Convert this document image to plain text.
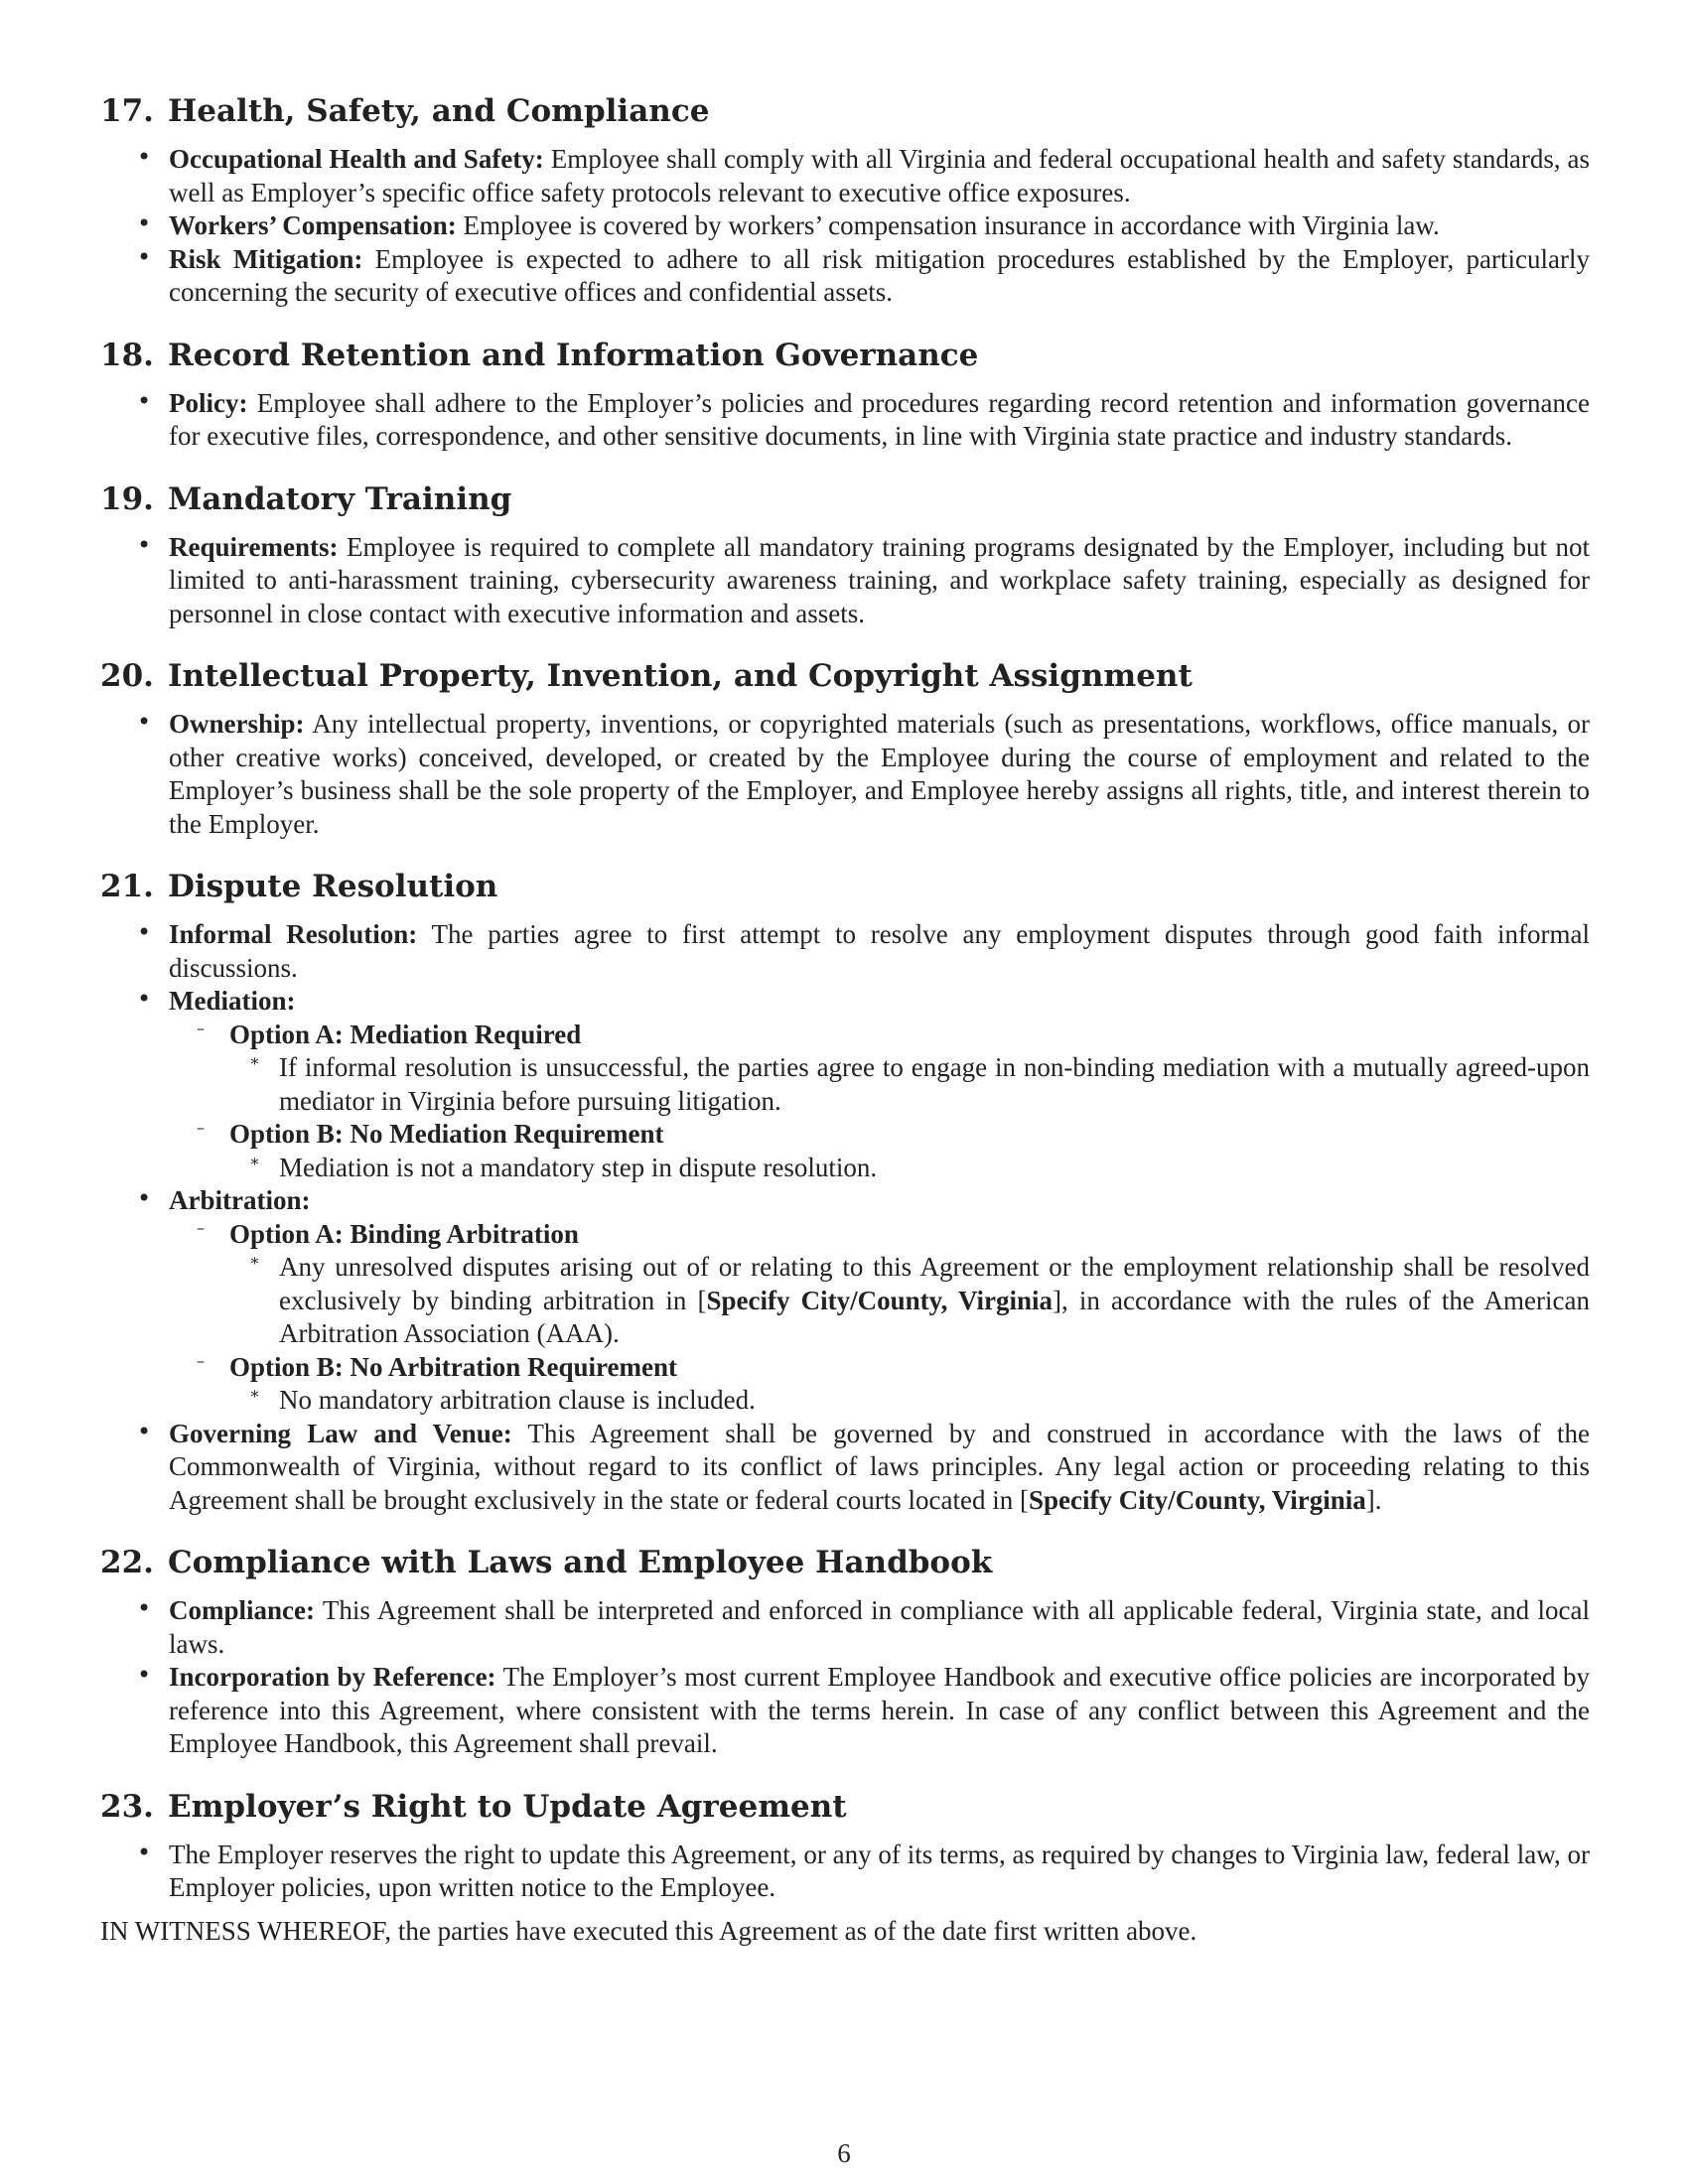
17. Health, Safety, and Compliance

• Occupational Health and Safety: Employee shall comply with all Virginia and federal occupational health and safety standards, as well as Employer’s specific office safety protocols relevant to executive office exposures.

• Workers’ Compensation: Employee is covered by workers’ compensation insurance in accordance with Virginia law.

• Risk Mitigation: Employee is expected to adhere to all risk mitigation procedures established by the Employer, particularly concerning the security of executive offices and confidential assets.

18. Record Retention and Information Governance

• Policy: Employee shall adhere to the Employer’s policies and procedures regarding record retention and information governance for executive files, correspondence, and other sensitive documents, in line with Virginia state practice and industry standards.

19. Mandatory Training

• Requirements: Employee is required to complete all mandatory training programs designated by the Employer, including but not limited to anti-harassment training, cybersecurity awareness training, and workplace safety training, especially as designed for personnel in close contact with executive information and assets.

20. Intellectual Property, Invention, and Copyright Assignment

• Ownership: Any intellectual property, inventions, or copyrighted materials (such as presentations, workflows, office manuals, or other creative works) conceived, developed, or created by the Employee during the course of employment and related to the Employer’s business shall be the sole property of the Employer, and Employee hereby assigns all rights, title, and interest therein to the Employer.

21. Dispute Resolution

• Informal Resolution: The parties agree to first attempt to resolve any employment disputes through good faith informal discussions.

• Mediation:

– Option A: Mediation Required

∗ If informal resolution is unsuccessful, the parties agree to engage in non-binding mediation with a mutually agreed-upon mediator in Virginia before pursuing litigation.

– Option B: No Mediation Requirement

∗ Mediation is not a mandatory step in dispute resolution.

• Arbitration:

– Option A: Binding Arbitration

∗ Any unresolved disputes arising out of or relating to this Agreement or the employment relationship shall be resolved exclusively by binding arbitration in [Specify City/County, Virginia], in accordance with the rules of the American Arbitration Association (AAA).

– Option B: No Arbitration Requirement

∗ No mandatory arbitration clause is included.

• Governing Law and Venue: This Agreement shall be governed by and construed in accordance with the laws of the Commonwealth of Virginia, without regard to its conflict of laws principles. Any legal action or proceeding relating to this Agreement shall be brought exclusively in the state or federal courts located in [Specify City/County, Virginia].

22. Compliance with Laws and Employee Handbook

• Compliance: This Agreement shall be interpreted and enforced in compliance with all applicable federal, Virginia state, and local laws.

• Incorporation by Reference: The Employer’s most current Employee Handbook and executive office policies are incorporated by reference into this Agreement, where consistent with the terms herein. In case of any conflict between this Agreement and the Employee Handbook, this Agreement shall prevail.

23. Employer’s Right to Update Agreement

• The Employer reserves the right to update this Agreement, or any of its terms, as required by changes to Virginia law, federal law, or Employer policies, upon written notice to the Employee.

IN WITNESS WHEREOF, the parties have executed this Agreement as of the date first written above.

6
